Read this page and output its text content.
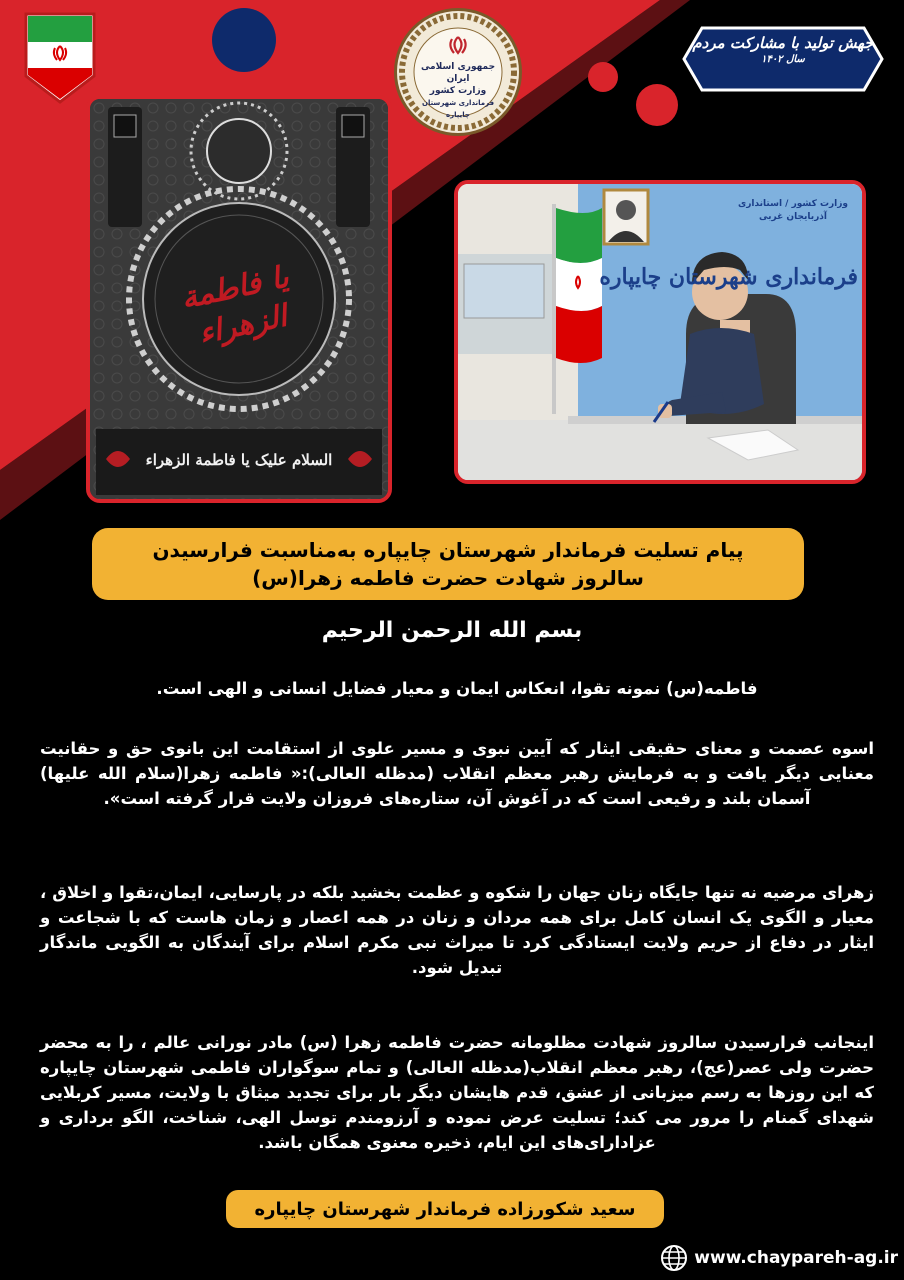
جمهوری اسلامی ایران
وزارت کشور
فرمانداری شهرستان چایپاره
جهش تولید با مشارکت مردم
سال ۱۴۰۲
یا فاطمة الزهراء
السلام علیک یا فاطمة الزهراء
وزارت کشور / استانداری آذربایجان غربی
فرمانداری شهرستان چایپاره
پیام تسلیت فرماندار شهرستان چایپاره به‌مناسبت فرارسیدن سالروز شهادت حضرت فاطمه زهرا(س)
بسم الله الرحمن الرحیم
فاطمه(س) نمونه تقوا، انعکاس ایمان و معیار فضایل انسانی و الهی است.
اسوه عصمت و معنای حقیقی ایثار که آیین نبوی و مسیر علوی از استقامت این بانوی حق و حقانیت معنایی دیگر یافت و به فرمایش رهبر معظم انقلاب (مدظله العالی):« فاطمه زهرا(سلام الله علیها) آسمان بلند و رفیعی است که در آغوش آن، ستاره‌های فروزان ولایت قرار گرفته است».
زهرای مرضیه نه تنها جایگاه زنان جهان را شکوه و عظمت بخشید بلکه در پارسایی، ایمان،تقوا و اخلاق ، معیار و الگوی یک انسان کامل برای همه مردان و زنان در همه اعصار و زمان هاست که با شجاعت و ایثار در دفاع از حریم ولایت ایستادگی کرد تا میراث نبی مکرم اسلام برای آیندگان به الگویی ماندگار تبدیل شود.
اینجانب فرارسیدن سالروز شهادت مظلومانه حضرت فاطمه زهرا (س) مادر نورانی عالم ، را به محضر حضرت ولی عصر(عج)، رهبر معظم انقلاب(مدظله العالی) و تمام سوگواران فاطمی شهرستان چایپاره که این روزها به رسم میزبانی از عشق، قدم هایشان دیگر بار برای تجدید میثاق با ولایت، مسیر کربلایی شهدای گمنام را مرور می کند؛ تسلیت عرض نموده و آرزومندم توسل الهی، شناخت، الگو برداری و عزادارای‌های این ایام، ذخیره معنوی همگان باشد.
سعید شکورزاده فرماندار شهرستان چایپاره
www.chaypareh-ag.ir
